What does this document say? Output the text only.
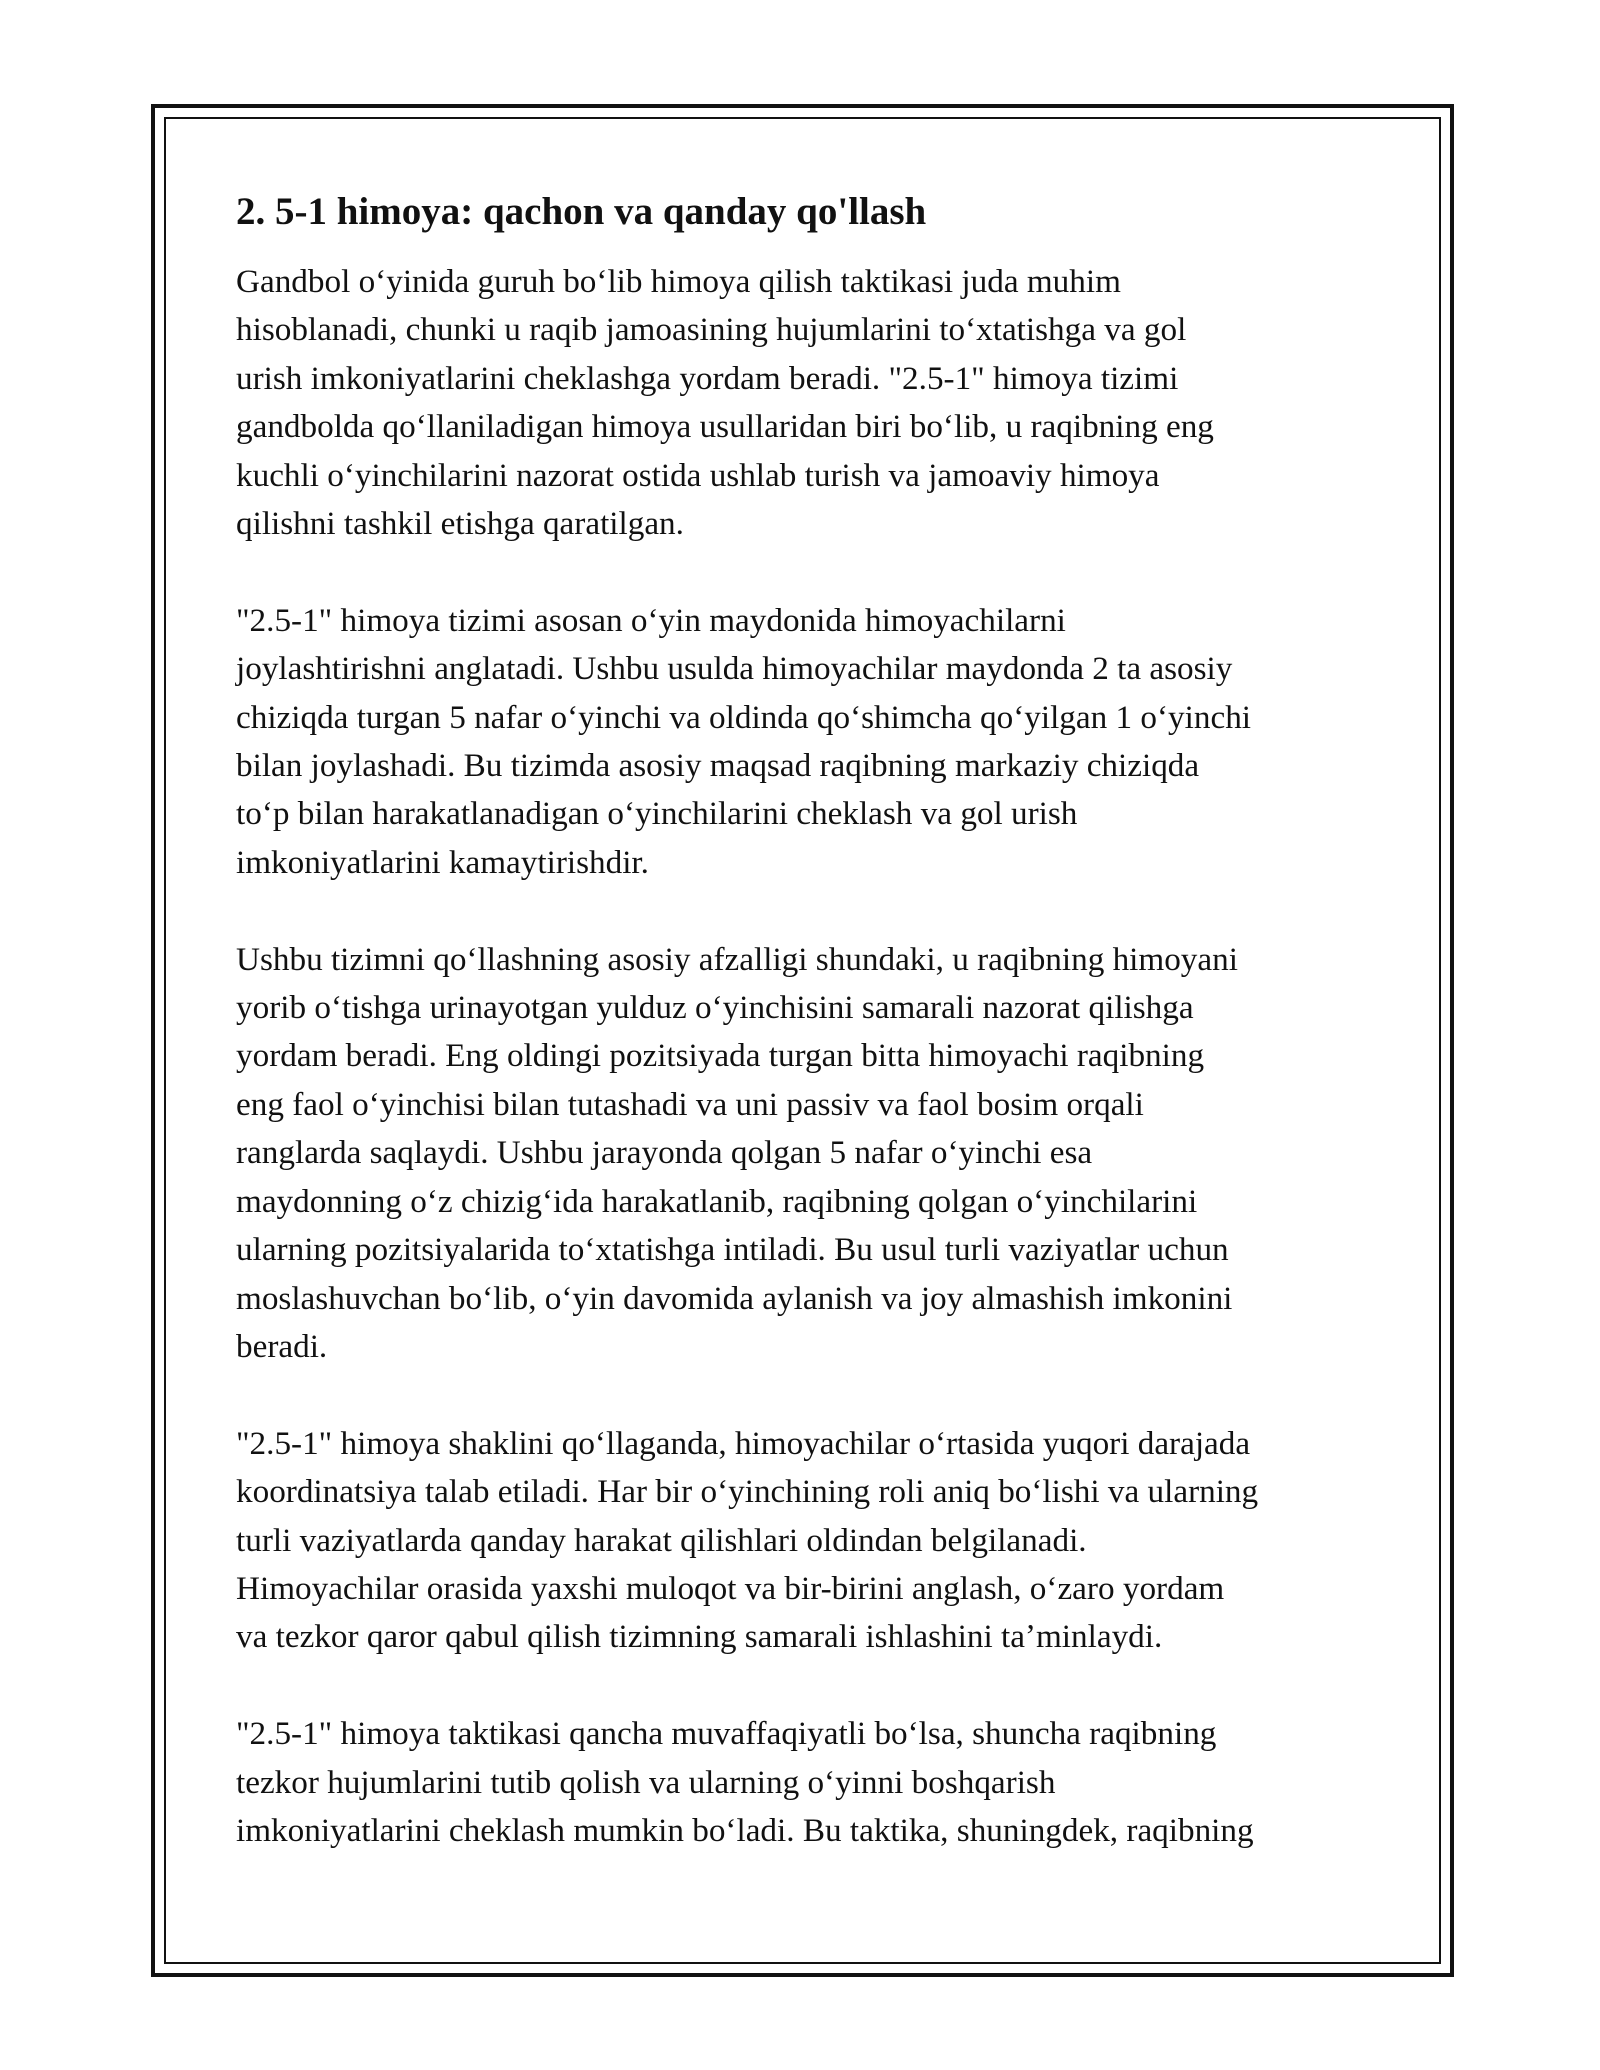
2. 5-1 himoya: qachon va qanday qo'llash

Gandbol oʻyinida guruh boʻlib himoya qilish taktikasi juda muhim
hisoblanadi, chunki u raqib jamoasining hujumlarini toʻxtatishga va gol
urish imkoniyatlarini cheklashga yordam beradi. "2.5-1" himoya tizimi
gandbolda qoʻllaniladigan himoya usullaridan biri boʻlib, u raqibning eng
kuchli oʻyinchilarini nazorat ostida ushlab turish va jamoaviy himoya
qilishni tashkil etishga qaratilgan.

"2.5-1" himoya tizimi asosan oʻyin maydonida himoyachilarni
joylashtirishni anglatadi. Ushbu usulda himoyachilar maydonda 2 ta asosiy
chiziqda turgan 5 nafar oʻyinchi va oldinda qoʻshimcha qoʻyilgan 1 oʻyinchi
bilan joylashadi. Bu tizimda asosiy maqsad raqibning markaziy chiziqda
toʻp bilan harakatlanadigan oʻyinchilarini cheklash va gol urish
imkoniyatlarini kamaytirishdir.

Ushbu tizimni qoʻllashning asosiy afzalligi shundaki, u raqibning himoyani
yorib oʻtishga urinayotgan yulduz oʻyinchisini samarali nazorat qilishga
yordam beradi. Eng oldingi pozitsiyada turgan bitta himoyachi raqibning
eng faol oʻyinchisi bilan tutashadi va uni passiv va faol bosim orqali
ranglarda saqlaydi. Ushbu jarayonda qolgan 5 nafar oʻyinchi esa
maydonning oʻz chizigʻida harakatlanib, raqibning qolgan oʻyinchilarini
ularning pozitsiyalarida toʻxtatishga intiladi. Bu usul turli vaziyatlar uchun
moslashuvchan boʻlib, oʻyin davomida aylanish va joy almashish imkonini
beradi.

"2.5-1" himoya shaklini qoʻllaganda, himoyachilar oʻrtasida yuqori darajada
koordinatsiya talab etiladi. Har bir oʻyinchining roli aniq boʻlishi va ularning
turli vaziyatlarda qanday harakat qilishlari oldindan belgilanadi.
Himoyachilar orasida yaxshi muloqot va bir-birini anglash, oʻzaro yordam
va tezkor qaror qabul qilish tizimning samarali ishlashini taʼminlaydi.

"2.5-1" himoya taktikasi qancha muvaffaqiyatli boʻlsa, shuncha raqibning
tezkor hujumlarini tutib qolish va ularning oʻyinni boshqarish
imkoniyatlarini cheklash mumkin boʻladi. Bu taktika, shuningdek, raqibning
